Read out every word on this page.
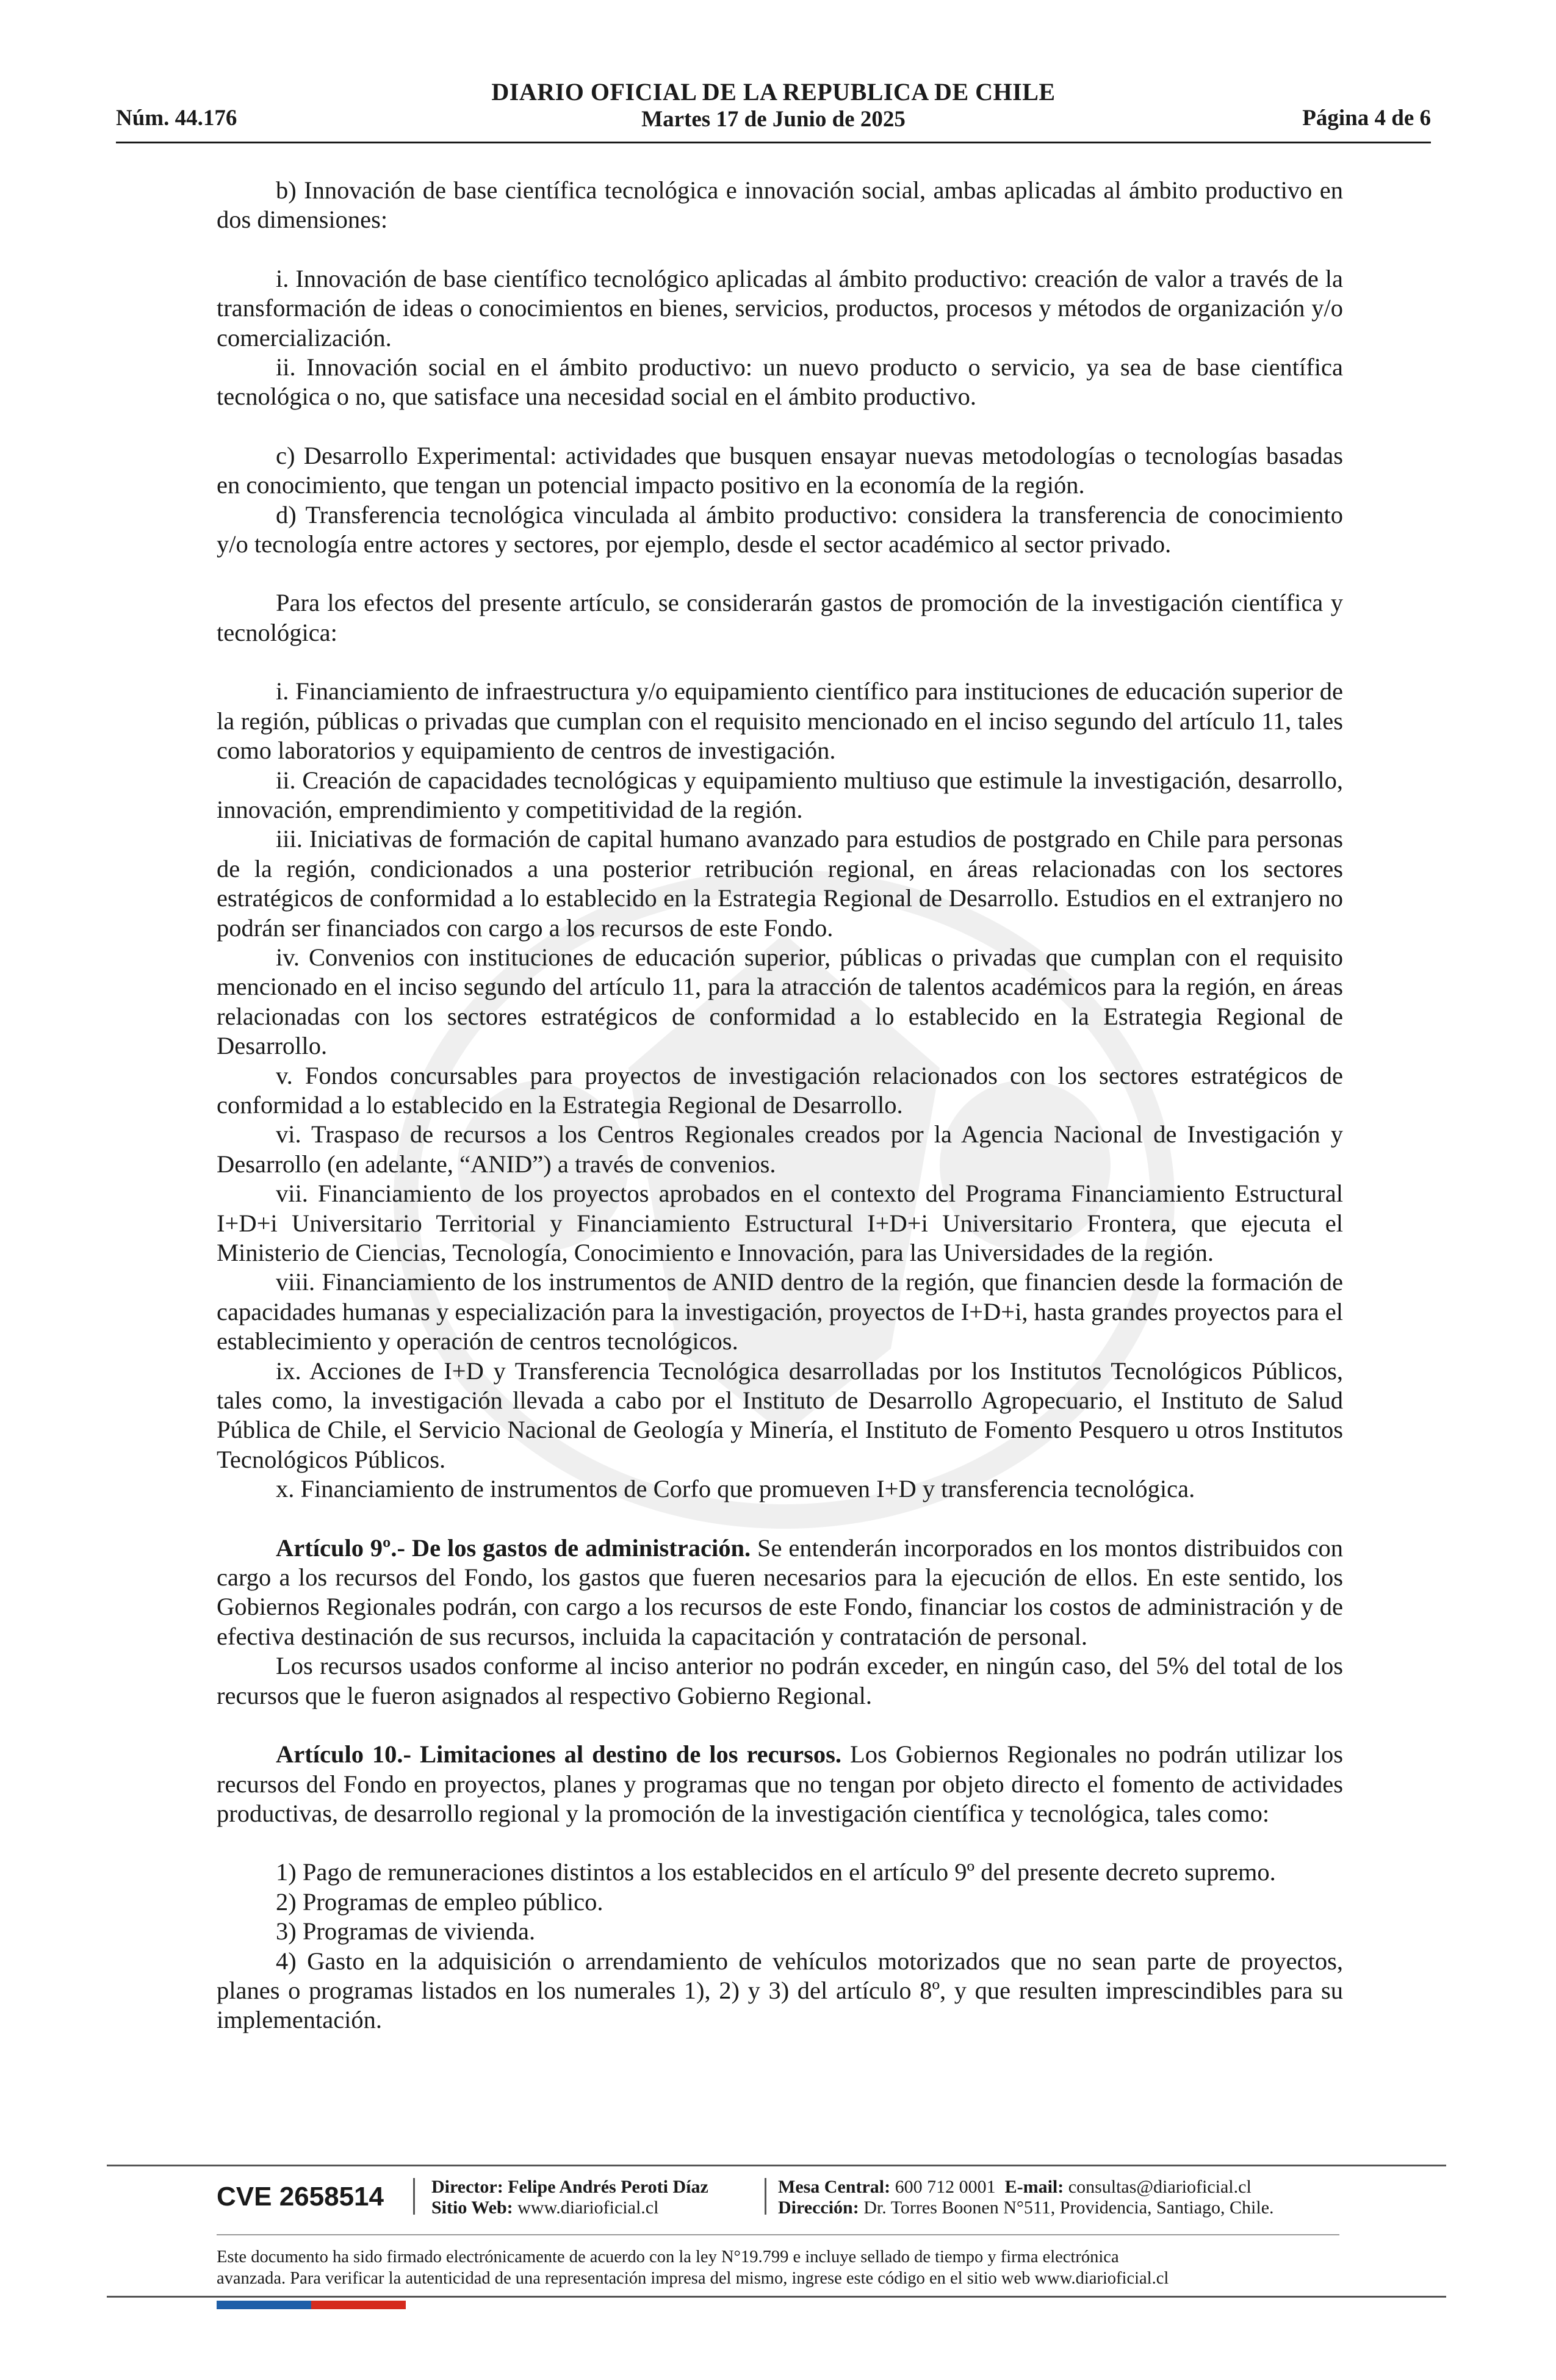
Núm. 44.176
DIARIO OFICIAL DE LA REPUBLICA DE CHILE
Martes 17 de Junio de 2025	Página 4 de 6

b) Innovación de base científica tecnológica e innovación social, ambas aplicadas al ámbito productivo en dos dimensiones:

i. Innovación de base científico tecnológico aplicadas al ámbito productivo: creación de valor a través de la transformación de ideas o conocimientos en bienes, servicios, productos, procesos y métodos de organización y/o comercialización.

ii. Innovación social en el ámbito productivo: un nuevo producto o servicio, ya sea de base científica tecnológica o no, que satisface una necesidad social en el ámbito productivo.

c) Desarrollo Experimental: actividades que busquen ensayar nuevas metodologías o tecnologías basadas en conocimiento, que tengan un potencial impacto positivo en la economía de la región.

d) Transferencia tecnológica vinculada al ámbito productivo: considera la transferencia de conocimiento y/o tecnología entre actores y sectores, por ejemplo, desde el sector académico al sector privado.

Para los efectos del presente artículo, se considerarán gastos de promoción de la investigación científica y tecnológica:

i. Financiamiento de infraestructura y/o equipamiento científico para instituciones de educación superior de la región, públicas o privadas que cumplan con el requisito mencionado en el inciso segundo del artículo 11, tales como laboratorios y equipamiento de centros de investigación.

ii. Creación de capacidades tecnológicas y equipamiento multiuso que estimule la investigación, desarrollo, innovación, emprendimiento y competitividad de la región.

iii. Iniciativas de formación de capital humano avanzado para estudios de postgrado en Chile para personas de la región, condicionados a una posterior retribución regional, en áreas relacionadas con los sectores estratégicos de conformidad a lo establecido en la Estrategia Regional de Desarrollo. Estudios en el extranjero no podrán ser financiados con cargo a los recursos de este Fondo.

iv. Convenios con instituciones de educación superior, públicas o privadas que cumplan con el requisito mencionado en el inciso segundo del artículo 11, para la atracción de talentos académicos para la región, en áreas relacionadas con los sectores estratégicos de conformidad a lo establecido en la Estrategia Regional de Desarrollo.

v. Fondos concursables para proyectos de investigación relacionados con los sectores estratégicos de conformidad a lo establecido en la Estrategia Regional de Desarrollo.

vi. Traspaso de recursos a los Centros Regionales creados por la Agencia Nacional de Investigación y Desarrollo (en adelante, “ANID”) a través de convenios.

vii. Financiamiento de los proyectos aprobados en el contexto del Programa Financiamiento Estructural I+D+i Universitario Territorial y Financiamiento Estructural I+D+i Universitario Frontera, que ejecuta el Ministerio de Ciencias, Tecnología, Conocimiento e Innovación, para las Universidades de la región.

viii. Financiamiento de los instrumentos de ANID dentro de la región, que financien desde la formación de capacidades humanas y especialización para la investigación, proyectos de I+D+i, hasta grandes proyectos para el establecimiento y operación de centros tecnológicos.

ix. Acciones de I+D y Transferencia Tecnológica desarrolladas por los Institutos Tecnológicos Públicos, tales como, la investigación llevada a cabo por el Instituto de Desarrollo Agropecuario, el Instituto de Salud Pública de Chile, el Servicio Nacional de Geología y Minería, el Instituto de Fomento Pesquero u otros Institutos Tecnológicos Públicos.

x. Financiamiento de instrumentos de Corfo que promueven I+D y transferencia tecnológica.

Artículo 9º.- De los gastos de administración. Se entenderán incorporados en los montos distribuidos con cargo a los recursos del Fondo, los gastos que fueren necesarios para la ejecución de ellos. En este sentido, los Gobiernos Regionales podrán, con cargo a los recursos de este Fondo, financiar los costos de administración y de efectiva destinación de sus recursos, incluida la capacitación y contratación de personal.

Los recursos usados conforme al inciso anterior no podrán exceder, en ningún caso, del 5% del total de los recursos que le fueron asignados al respectivo Gobierno Regional.

Artículo 10.- Limitaciones al destino de los recursos. Los Gobiernos Regionales no podrán utilizar los recursos del Fondo en proyectos, planes y programas que no tengan por objeto directo el fomento de actividades productivas, de desarrollo regional y la promoción de la investigación científica y tecnológica, tales como:

1) Pago de remuneraciones distintos a los establecidos en el artículo 9º del presente decreto supremo.

2) Programas de empleo público.

3) Programas de vivienda.

4) Gasto en la adquisición o arrendamiento de vehículos motorizados que no sean parte de proyectos, planes o programas listados en los numerales 1), 2) y 3) del artículo 8º, y que resulten imprescindibles para su implementación.

CVE 2658514	Director: Felipe Andrés Peroti Díaz
Sitio Web: www.diarioficial.cl
Mesa Central: 600 712 0001 E-mail: consultas@diarioficial.cl
Dirección: Dr. Torres Boonen N°511, Providencia, Santiago, Chile.
Este documento ha sido firmado electrónicamente de acuerdo con la ley N°19.799 e incluye sellado de tiempo y firma electrónica
avanzada. Para verificar la autenticidad de una representación impresa del mismo, ingrese este código en el sitio web www.diarioficial.cl
